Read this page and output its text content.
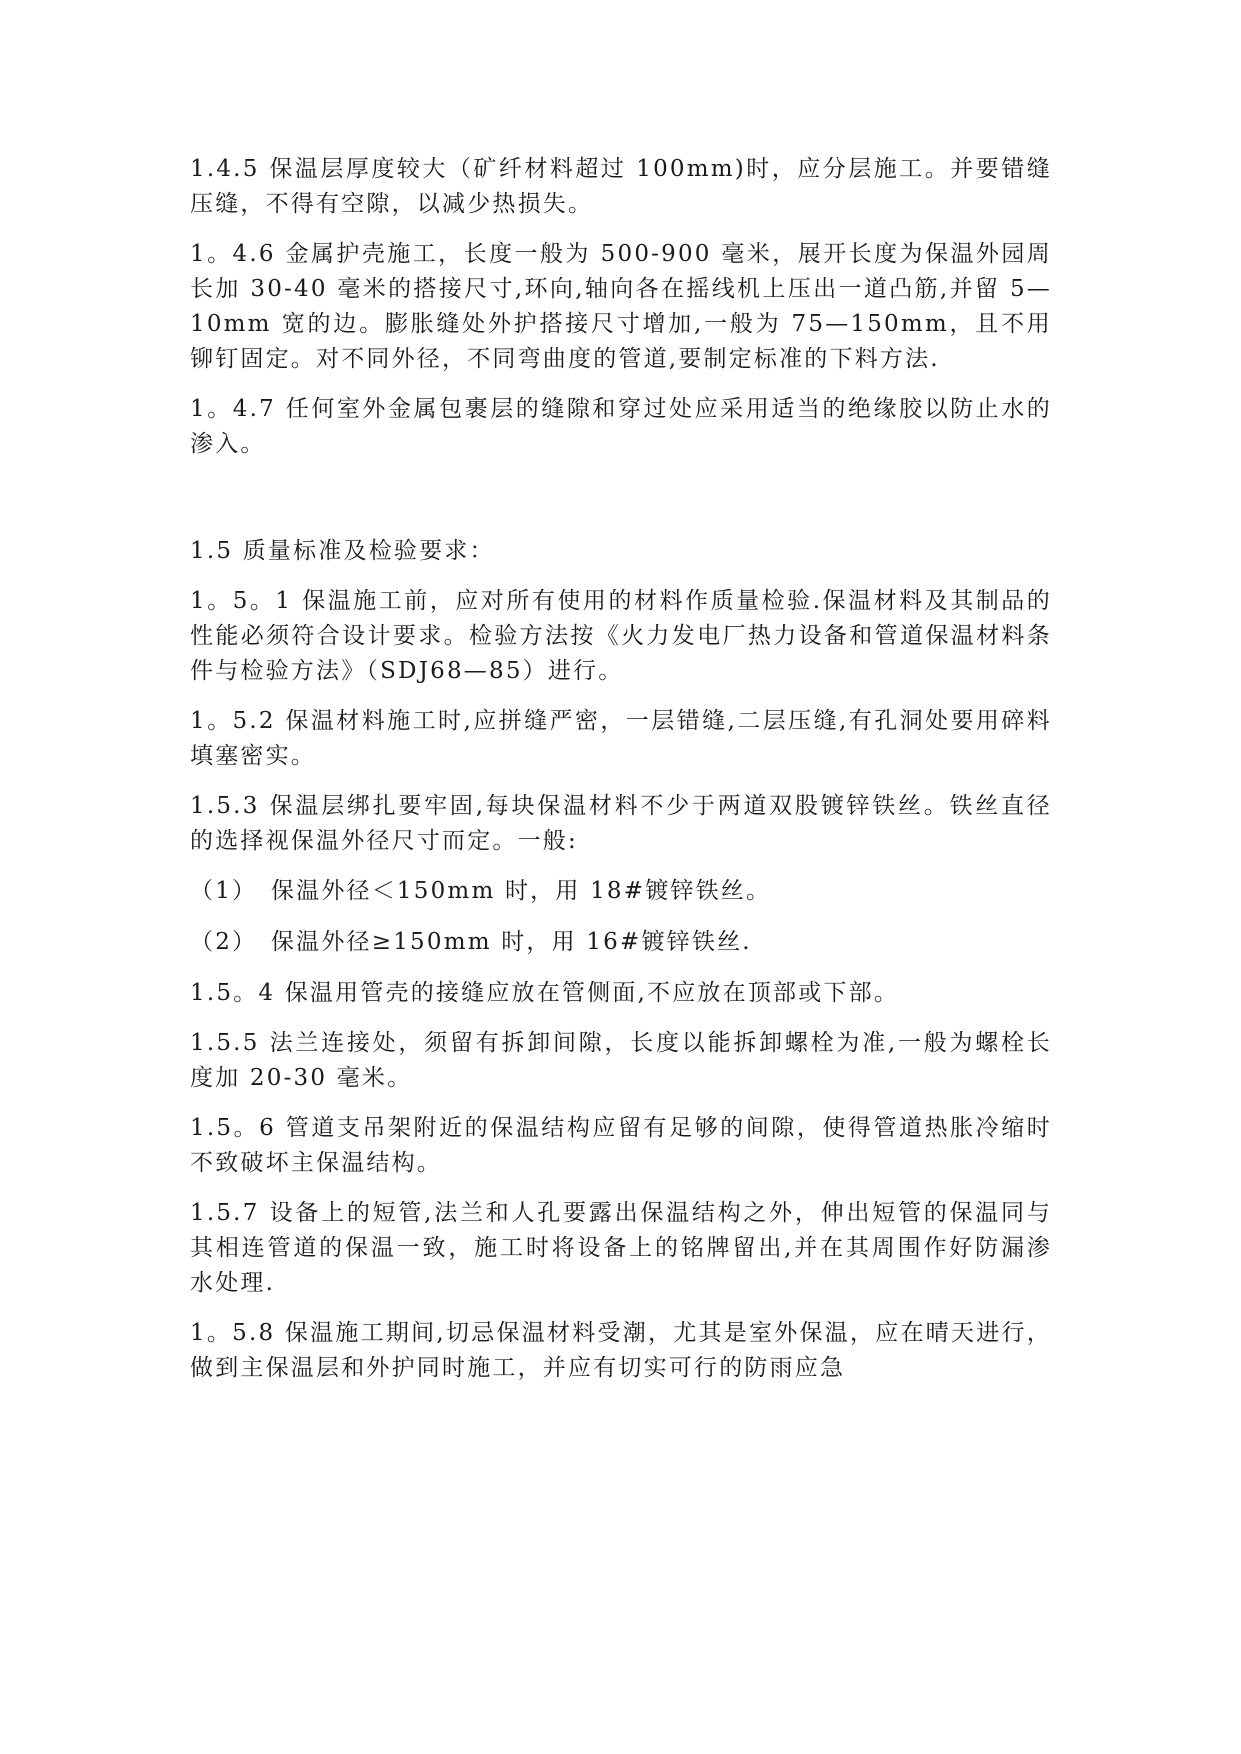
1.4.5 保温层厚度较大（矿纤材料超过 100mm)时，应分层施工。并要错缝压缝，不得有空隙，以减少热损失。

1。4.6 金属护壳施工，长度一般为 500-900 毫米，展开长度为保温外园周长加 30-40 毫米的搭接尺寸,环向,轴向各在摇线机上压出一道凸筋,并留 5—10mm 宽的边。膨胀缝处外护搭接尺寸增加,一般为 75—150mm，且不用铆钉固定。对不同外径，不同弯曲度的管道,要制定标准的下料方法.

1。4.7 任何室外金属包裹层的缝隙和穿过处应采用适当的绝缘胶以防止水的渗入。

1.5 质量标准及检验要求：

1。5。1 保温施工前，应对所有使用的材料作质量检验.保温材料及其制品的性能必须符合设计要求。检验方法按《火力发电厂热力设备和管道保温材料条件与检验方法》（SDJ68—85）进行。

1。5.2 保温材料施工时,应拼缝严密，一层错缝,二层压缝,有孔洞处要用碎料填塞密实。

1.5.3 保温层绑扎要牢固,每块保温材料不少于两道双股镀锌铁丝。铁丝直径的选择视保温外径尺寸而定。一般:

（1）　保温外径＜150mm 时，用 18#镀锌铁丝。

（2）　保温外径≥150mm 时，用 16#镀锌铁丝.

1.5。4 保温用管壳的接缝应放在管侧面,不应放在顶部或下部。

1.5.5 法兰连接处，须留有拆卸间隙，长度以能拆卸螺栓为准,一般为螺栓长度加 20-30 毫米。

1.5。6 管道支吊架附近的保温结构应留有足够的间隙，使得管道热胀冷缩时不致破坏主保温结构。

1.5.7 设备上的短管,法兰和人孔要露出保温结构之外，伸出短管的保温同与其相连管道的保温一致，施工时将设备上的铭牌留出,并在其周围作好防漏渗水处理.

1。5.8 保温施工期间,切忌保温材料受潮，尤其是室外保温，应在晴天进行，做到主保温层和外护同时施工，并应有切实可行的防雨应急
